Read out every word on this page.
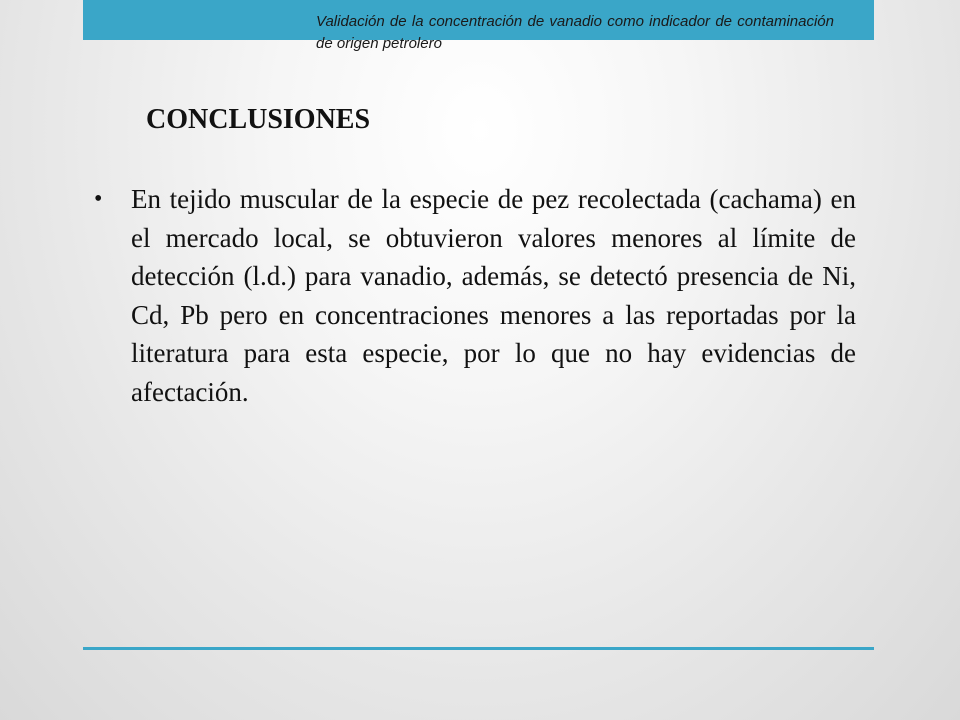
Validación de la concentración de vanadio como indicador de contaminación de origen petrolero

CONCLUSIONES
• En tejido muscular de la especie de pez recolectada (cachama) en el mercado local, se obtuvieron valores menores al límite de detección (l.d.) para vanadio, además, se detectó presencia de Ni, Cd, Pb pero en concentraciones menores a las reportadas por la literatura para esta especie, por lo que no hay evidencias de afectación.
